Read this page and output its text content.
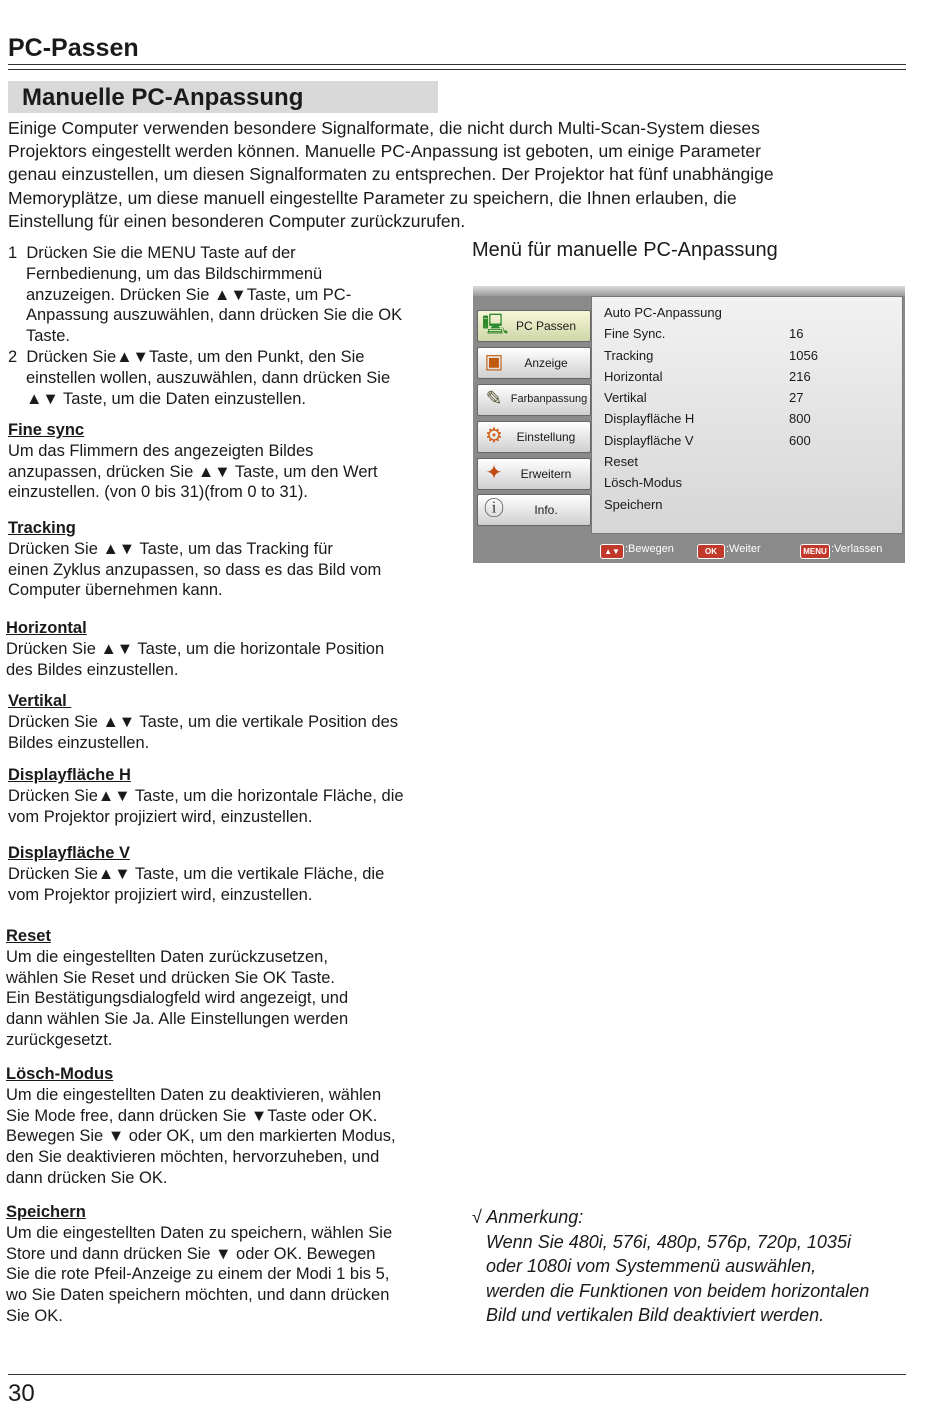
PC-Passen
Manuelle PC-Anpassung
Einige Computer verwenden besondere Signalformate, die nicht durch Multi-Scan-System dieses
Projektors eingestellt werden können. Manuelle PC-Anpassung ist geboten, um einige Parameter
genau einzustellen, um diesen Signalformaten zu entsprechen. Der Projektor hat fünf unabhängige
Memoryplätze, um diese manuell eingestellte Parameter zu speichern, die Ihnen erlauben, die
Einstellung für einen besonderen Computer zurückzurufen.
1  Drücken Sie die MENU Taste auf der
Fernbedienung, um das Bildschirmmenü
anzuzeigen. Drücken Sie ▲▼Taste, um PC-
Anpassung auszuwählen, dann drücken Sie die OK
Taste.
2  Drücken Sie▲▼Taste, um den Punkt, den Sie
einstellen wollen, auszuwählen, dann drücken Sie
▲▼ Taste, um die Daten einzustellen.
Fine sync
Um das Flimmern des angezeigten Bildes
anzupassen, drücken Sie ▲▼ Taste, um den Wert
einzustellen. (von 0 bis 31)(from 0 to 31).
Tracking
Drücken Sie ▲▼ Taste, um das Tracking für
einen Zyklus anzupassen, so dass es das Bild vom
Computer übernehmen kann.
Horizontal
Drücken Sie ▲▼ Taste, um die horizontale Position
des Bildes einzustellen.
Vertikal
Drücken Sie ▲▼ Taste, um die vertikale Position des
Bildes einzustellen.
Displayfläche H
Drücken Sie▲▼ Taste, um die horizontale Fläche, die
vom Projektor projiziert wird, einzustellen.
Displayfläche V
Drücken Sie▲▼ Taste, um die vertikale Fläche, die
vom Projektor projiziert wird, einzustellen.
Reset
Um die eingestellten Daten zurückzusetzen,
wählen Sie Reset und drücken Sie OK Taste.
Ein Bestätigungsdialogfeld wird angezeigt, und
dann wählen Sie Ja. Alle Einstellungen werden
zurückgesetzt.
Lösch-Modus
Um die eingestellten Daten zu deaktivieren, wählen
Sie Mode free, dann drücken Sie ▼Taste oder OK.
Bewegen Sie ▼ oder OK, um den markierten Modus,
den Sie deaktivieren möchten, hervorzuheben, und
dann drücken Sie OK.
Speichern
Um die eingestellten Daten zu speichern, wählen Sie
Store und dann drücken Sie ▼ oder OK. Bewegen
Sie die rote Pfeil-Anzeige zu einem der Modi 1 bis 5,
wo Sie Daten speichern möchten, und dann drücken
Sie OK.
Menü für manuelle PC-Anpassung
🖳 PC Passen
▣	Anzeige
✎ Farbanpassung
⚙	Einstellung
✦	Erweitern
ⓘ	Info.
Auto PC-Anpassung
Fine Sync.	16
Tracking	1056
Horizontal	216
Vertikal	27
Displayfläche H	800
Displayfläche V	600
Reset
Lösch-Modus
Speichern
▲▼ :Bewegen	OK :Weiter	MENU :Verlassen
√ Anmerkung:
Wenn Sie 480i, 576i, 480p, 576p, 720p, 1035i
oder 1080i vom Systemmenü auswählen,
werden die Funktionen von beidem horizontalen
Bild und vertikalen Bild deaktiviert werden.
30
